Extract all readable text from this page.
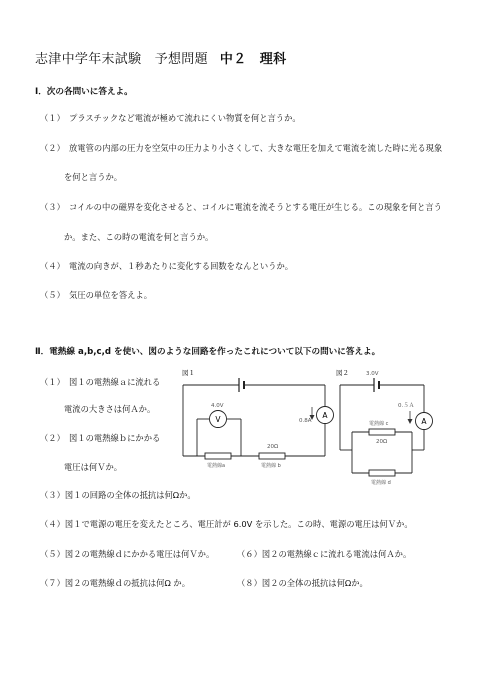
志津中学年末試験　予想問題 中２　理科
Ⅰ．次の各問いに答えよ。
（１）　プラスチックなど電流が極めて流れにくい物質を何と言うか。
（２）　放電管の内部の圧力を空気中の圧力より小さくして、大きな電圧を加えて電流を流した時に光る現象
を何と言うか。
（３）　コイルの中の磁界を変化させると、コイルに電流を流そうとする電圧が生じる。この現象を何と言う
か。また、この時の電流を何と言うか。
（４）　電流の向きが、１秒あたりに変化する回数をなんというか。
（５）　気圧の単位を答えよ。
Ⅱ．電熱線 a,b,c,d を使い、図のような回路を作ったこれについて以下の問いに答えよ。
（１）　図１の電熱線ａに流れる
電流の大きさは何Ａか。
（２）　図１の電熱線ｂにかかる
電圧は何Ｖか。
（３）図１の回路の全体の抵抗は何Ωか。
（４）図１で電源の電圧を変えたところ、電圧計が 6.0V を示した。この時、電源の電圧は何Ｖか。
（５）図２の電熱線ｄにかかる電圧は何Ｖか。	（６）図２の電熱線ｃに流れる電流は何Ａか。
（７）図２の電熱線ｄの抵抗は何Ω か。	（８）図２の全体の抵抗は何Ωか。
図１
V
4.0V
A
0.8A
20Ω
電熱線a	電熱線 b
図２	3.0V
A
0.５Ａ
電熱線 c
20Ω
電熱線 d
